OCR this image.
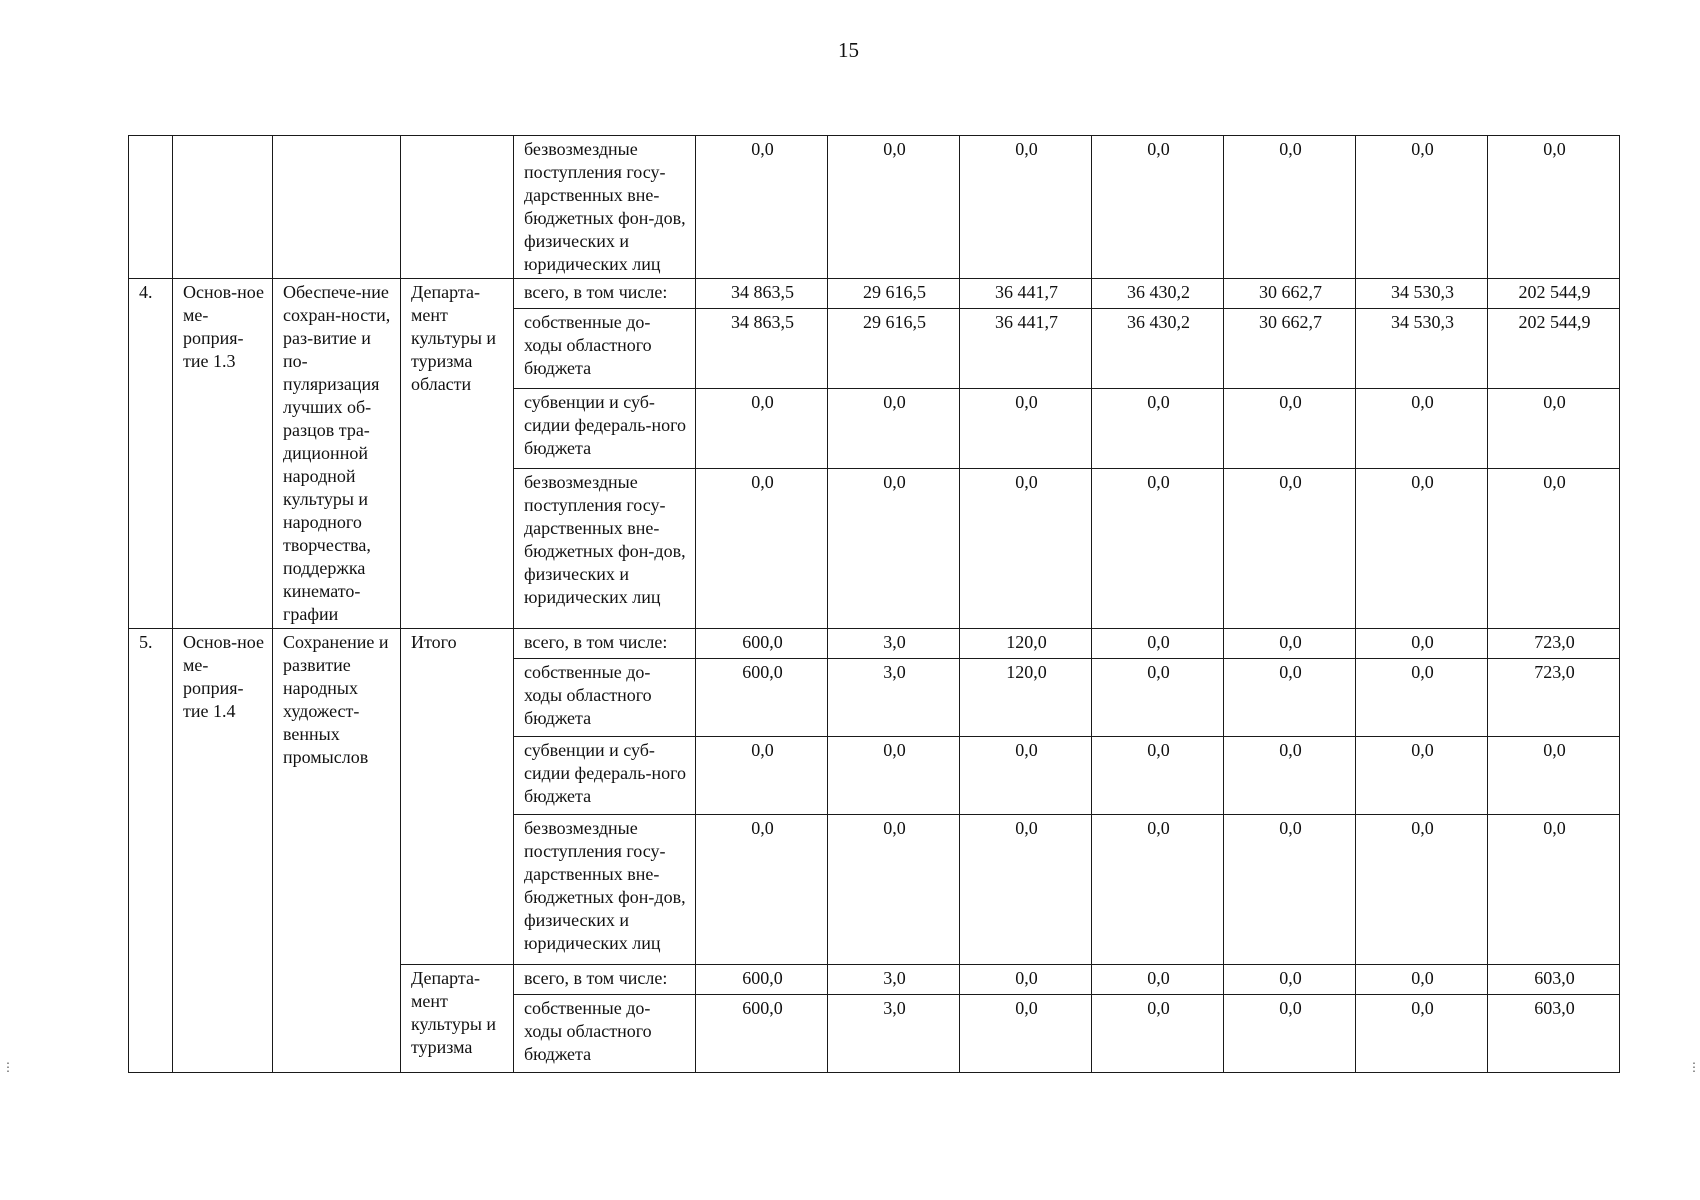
15
				безвозмездные поступления госу-дарственных вне-бюджетных фон-дов, физических и юридических лиц	0,0	0,0	0,0	0,0	0,0	0,0	0,0
4.	Основ-ное ме-роприя-тие 1.3	Обеспече-ние сохран-ности, раз-витие и по-пуляризация лучших об-разцов тра-диционной народной культуры и народного творчества, поддержка кинемато-графии	Департа-мент культуры и туризма области	всего, в том числе:	34 863,5	29 616,5	36 441,7	36 430,2	30 662,7	34 530,3	202 544,9
				собственные до-ходы областного бюджета	34 863,5	29 616,5	36 441,7	36 430,2	30 662,7	34 530,3	202 544,9
				субвенции и суб-сидии федераль-ного бюджета	0,0	0,0	0,0	0,0	0,0	0,0	0,0
				безвозмездные поступления госу-дарственных вне-бюджетных фон-дов, физических и юридических лиц	0,0	0,0	0,0	0,0	0,0	0,0	0,0
5.	Основ-ное ме-роприя-тие 1.4	Сохранение и развитие народных художест-венных промыслов	Итого	всего, в том числе:	600,0	3,0	120,0	0,0	0,0	0,0	723,0
				собственные до-ходы областного бюджета	600,0	3,0	120,0	0,0	0,0	0,0	723,0
				субвенции и суб-сидии федераль-ного бюджета	0,0	0,0	0,0	0,0	0,0	0,0	0,0
				безвозмездные поступления госу-дарственных вне-бюджетных фон-дов, физических и юридических лиц	0,0	0,0	0,0	0,0	0,0	0,0	0,0
			Департа-мент культуры и туризма	всего, в том числе:	600,0	3,0	0,0	0,0	0,0	0,0	603,0
				собственные до-ходы областного бюджета	600,0	3,0	0,0	0,0	0,0	0,0	603,0
⋮	⋮
